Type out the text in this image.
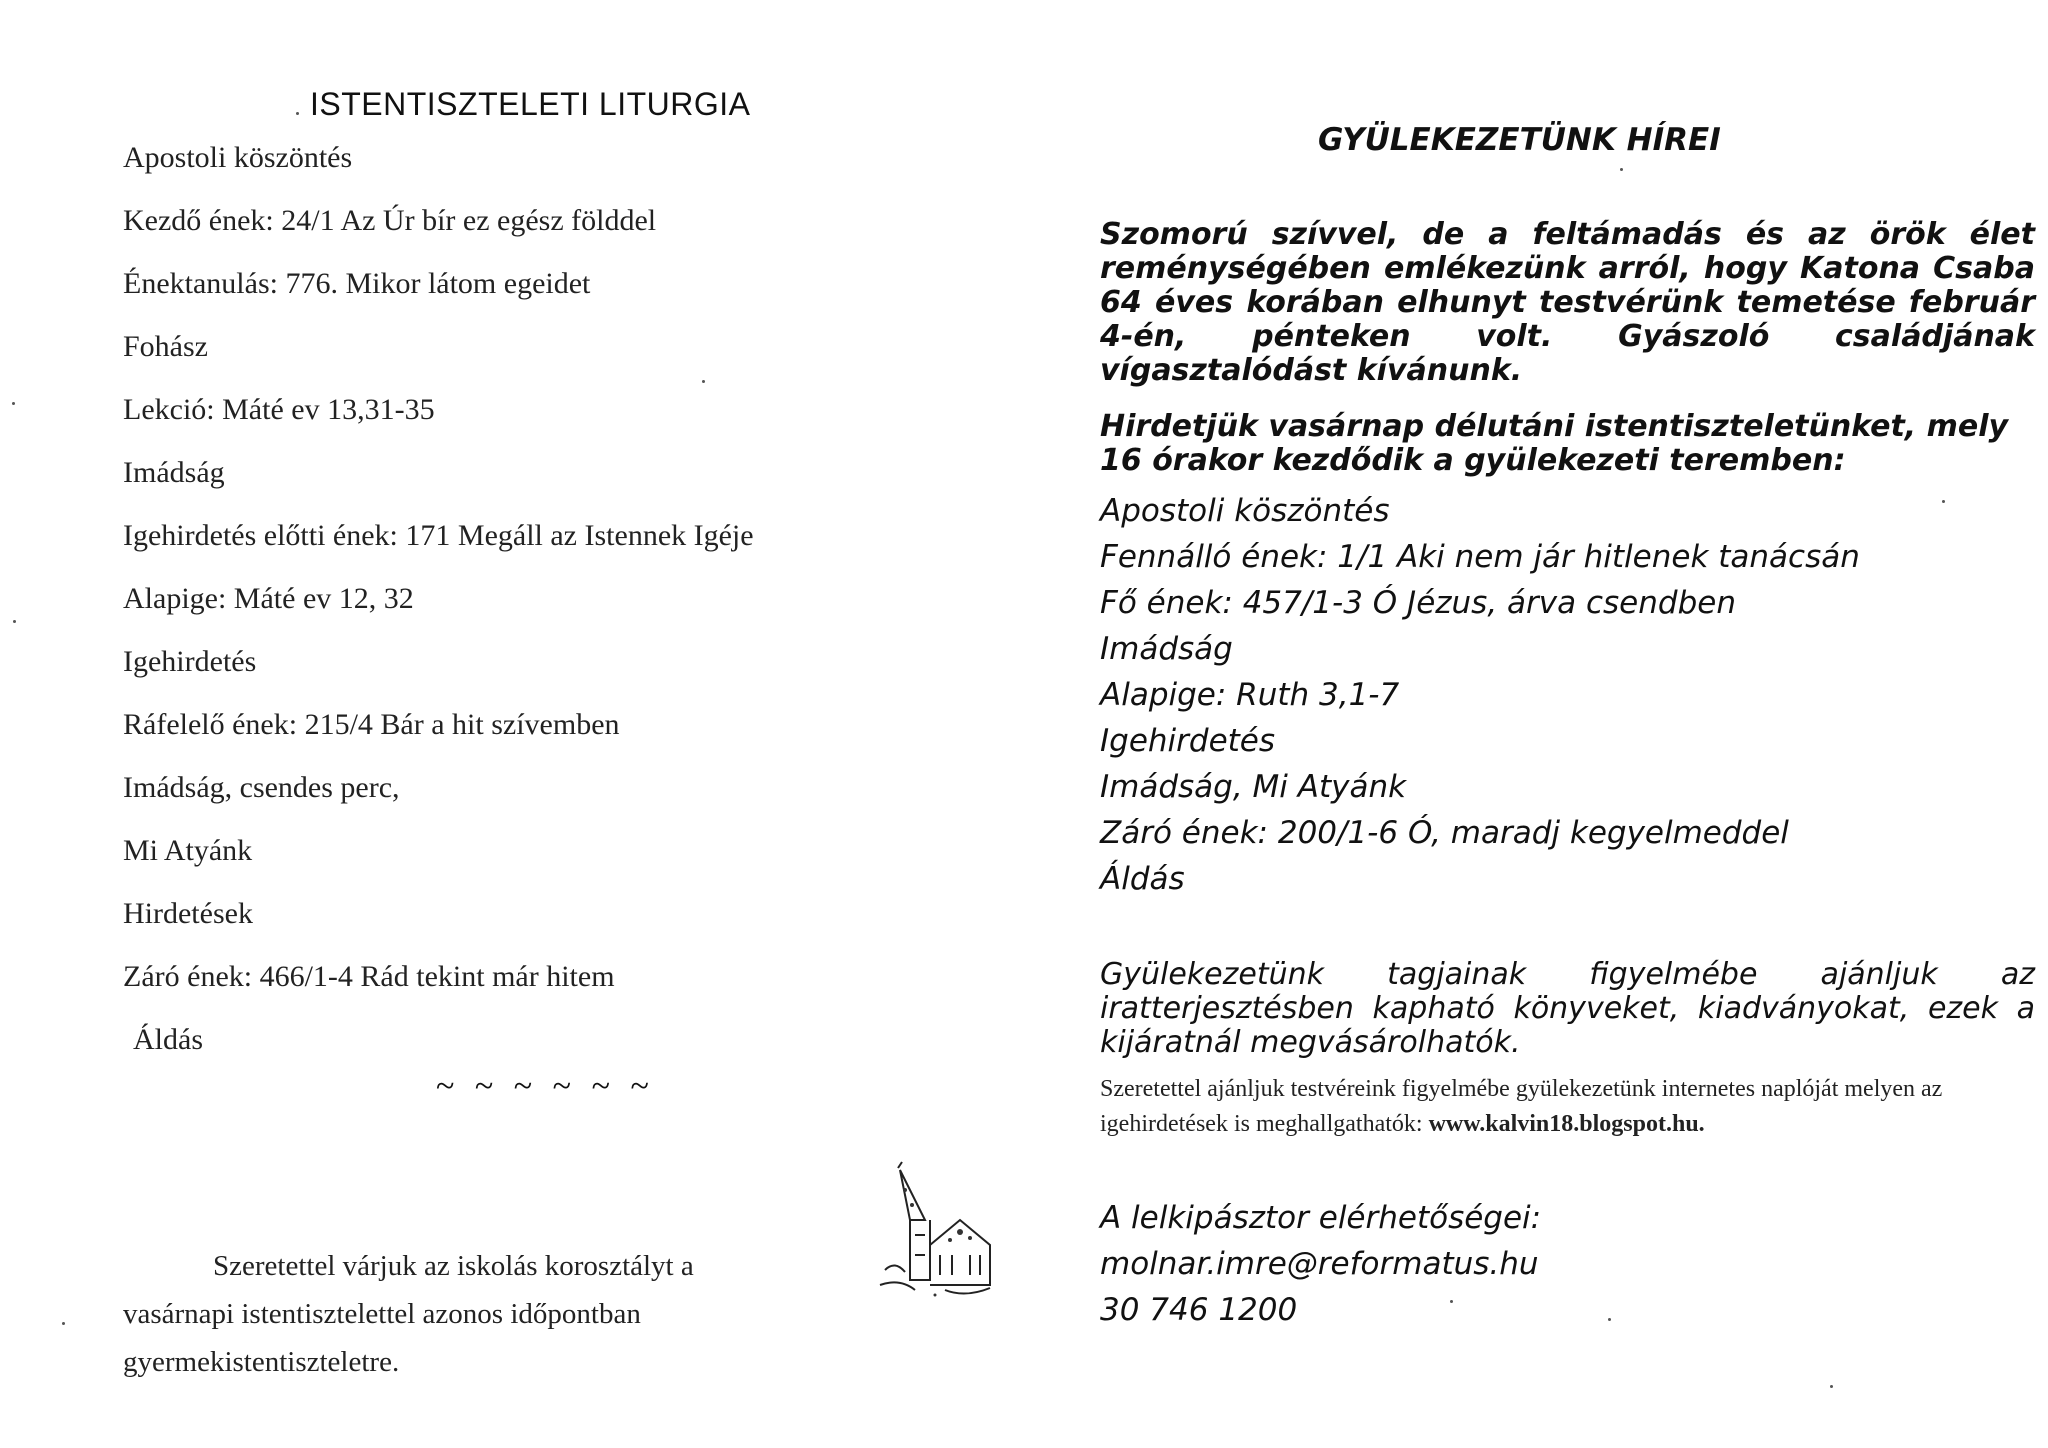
ISTENTISZTELETI LITURGIA
Apostoli köszöntés
Kezdő ének: 24/1 Az Úr bír ez egész földdel
Énektanulás: 776. Mikor látom egeidet
Fohász
Lekció: Máté ev 13,31-35
Imádság
Igehirdetés előtti ének: 171 Megáll az Istennek Igéje
Alapige: Máté ev 12, 32
Igehirdetés
Ráfelelő ének: 215/4 Bár a hit szívemben
Imádság, csendes perc,
Mi Atyánk
Hirdetések
Záró ének: 466/1-4 Rád tekint már hitem
Áldás
~ ~ ~ ~ ~ ~

Szeretettel várjuk az iskolás korosztályt a
vasárnapi istentisztelettel azonos időpontban
gyermekistentiszteletre.

GYÜLEKEZETÜNK HÍREI

Szomorú szívvel, de a feltámadás és az örök élet reménységében emlékezünk arról, hogy Katona Csaba 64 éves korában elhunyt testvérünk temetése február 4-én, pénteken volt. Gyászoló családjának vígasztalódást kívánunk.

Hirdetjük vasárnap délutáni istentiszteletünket, mely 16 órakor kezdődik a gyülekezeti teremben:

Apostoli köszöntés
Fennálló ének: 1/1 Aki nem jár hitlenek tanácsán
Fő ének: 457/1-3 Ó Jézus, árva csendben
Imádság
Alapige: Ruth 3,1-7
Igehirdetés
Imádság, Mi Atyánk
Záró ének: 200/1-6 Ó, maradj kegyelmeddel
Áldás

Gyülekezetünk tagjainak figyelmébe ajánljuk az iratterjesztésben kapható könyveket, kiadványokat, ezek a kijáratnál megvásárolhatók.

Szeretettel ajánljuk testvéreink figyelmébe gyülekezetünk internetes naplóját melyen az igehirdetések is meghallgathatók: www.kalvin18.blogspot.hu.

A lelkipásztor elérhetőségei:
molnar.imre@reformatus.hu
30 746 1200
